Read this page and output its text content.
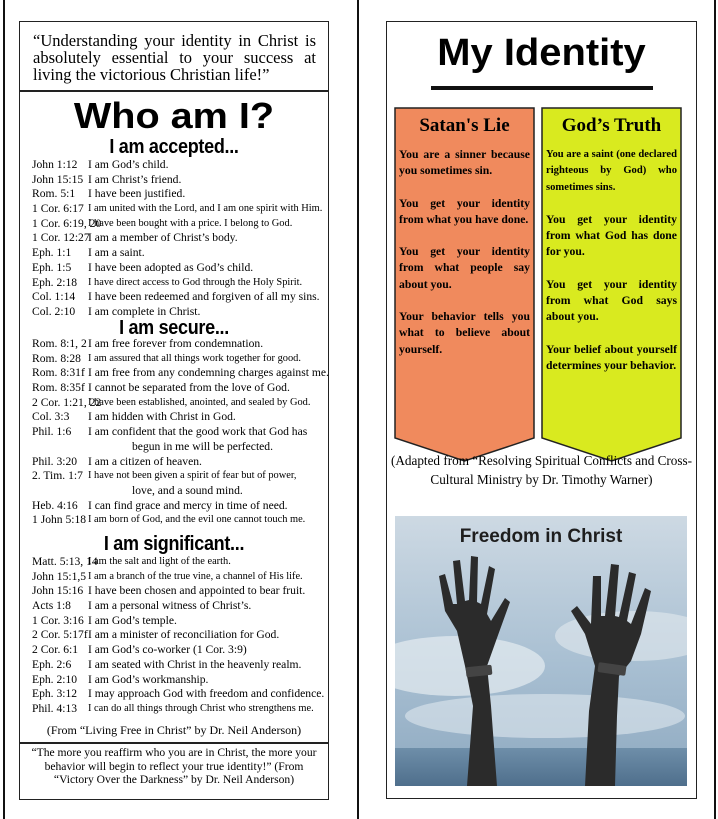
“Understanding your identity in Christ is absolutely essential to your success at living the victorious Christian life!”
Who am I?
I am accepted...
John 1:12 I am God’s child.
John 15:15 I am Christ’s friend.
Rom. 5:1	I have been justified.
1 Cor. 6:17 I am united with the Lord, and I am one spirit with Him.
1 Cor. 6:19, 20
I have been bought with a price. I belong to God.
1 Cor. 12:27
I am a member of Christ’s body.
Eph. 1:1	I am a saint.
Eph. 1:5	I have been adopted as God’s child.
Eph. 2:18	I have direct access to God through the Holy Spirit.
Col. 1:14	I have been redeemed and forgiven of all my sins.
Col. 2:10	I am complete in Christ.
I am secure...
Rom. 8:1, 2 I am free forever from condemnation.
Rom. 8:28 I am assured that all things work together for good.
Rom. 8:31f I am free from any condemning charges against me.
Rom. 8:35f I cannot be separated from the love of God.
2 Cor. 1:21, 22
I have been established, anointed, and sealed by God.
Col. 3:3	I am hidden with Christ in God.
Phil. 1:6	I am confident that the good work that God has
begun in me will be perfected.
Phil. 3:20 I am a citizen of heaven.
2. Tim. 1:7 I have not been given a spirit of fear but of power,
love, and a sound mind.
Heb. 4:16 I can find grace and mercy in time of need.
1 John 5:18 I am born of God, and the evil one cannot touch me.
I am significant...
Matt. 5:13, 14
I am the salt and light of the earth.
John 15:1,5 I am a branch of the true vine, a channel of His life.
John 15:16 I have been chosen and appointed to bear fruit.
Acts 1:8	I am a personal witness of Christ’s.
1 Cor. 3:16 I am God’s temple.
2 Cor. 5:17f I am a minister of reconciliation for God.
2 Cor. 6:1 I am God’s co-worker (1 Cor. 3:9)
Eph. 2:6	I am seated with Christ in the heavenly realm.
Eph. 2:10 I am God’s workmanship.
Eph. 3:12 I may approach God with freedom and confidence.
Phil. 4:13	I can do all things through Christ who strengthens me.
(From “Living Free in Christ” by Dr. Neil Anderson)
“The more you reaffirm who you are in Christ, the more your behavior will begin to reflect your true identity!” (From “Victory Over the Darkness” by Dr. Neil Anderson)
My Identity
Satan's Lie

You are a sinner because you sometimes sin.

You get your identity from what you have done.

You get your identity from what people say about you.

Your behavior tells you what to believe about yourself.

God’s Truth

You are a saint (one declared righteous by God) who sometimes sins.

You get your identity from what God has done for you.

You get your identity from what God says about you.

Your belief about yourself determines your behavior.

(Adapted from “Resolving Spiritual Conflicts and Cross-Cultural Ministry by Dr. Timothy Warner)
Freedom in Christ
